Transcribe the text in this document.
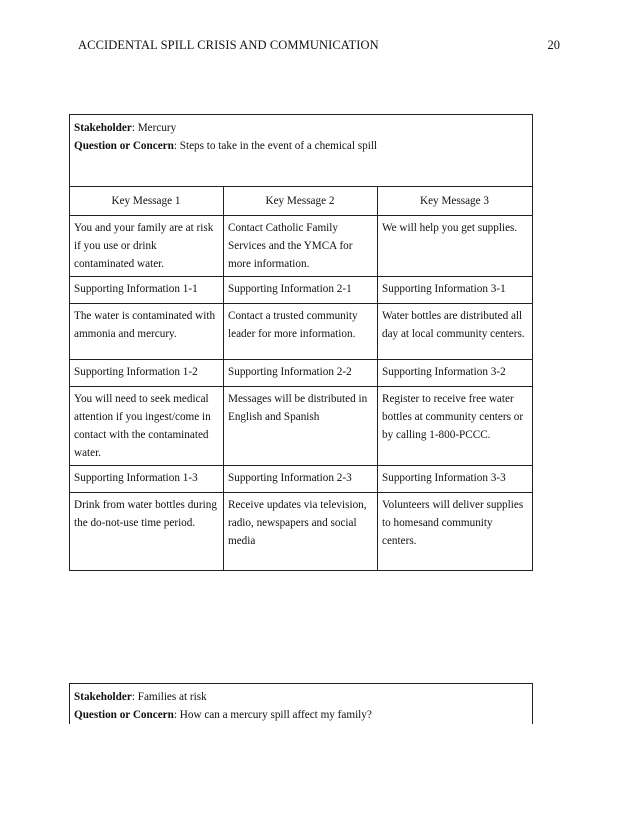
ACCIDENTAL SPILL CRISIS AND COMMUNICATION	20
Stakeholder: Mercury
Question or Concern: Steps to take in the event of a chemical spill		

Key Message 1	Key Message 2	Key Message 3
You and your family are at risk if you use or drink contaminated water.	Contact Catholic Family Services and the YMCA for more information.	We will help you get supplies.
Supporting Information 1-1	Supporting Information 2-1	Supporting Information 3-1
The water is contaminated with ammonia and mercury.	Contact a trusted community leader for more information.	Water bottles are distributed all day at local community centers.
Supporting Information 1-2	Supporting Information 2-2	Supporting Information 3-2
You will need to seek medical attention if you ingest/come in contact with the contaminated water.	Messages will be distributed in English and Spanish	Register to receive free water bottles at community centers or by calling 1-800-PCCC.
Supporting Information 1-3	Supporting Information 2-3	Supporting Information 3-3
Drink from water bottles during the do-not-use time period.	Receive updates via television, radio, newspapers and social media	Volunteers will deliver supplies to homesand community centers.
Stakeholder: Families at risk
Question or Concern: How can a mercury spill affect my family?
